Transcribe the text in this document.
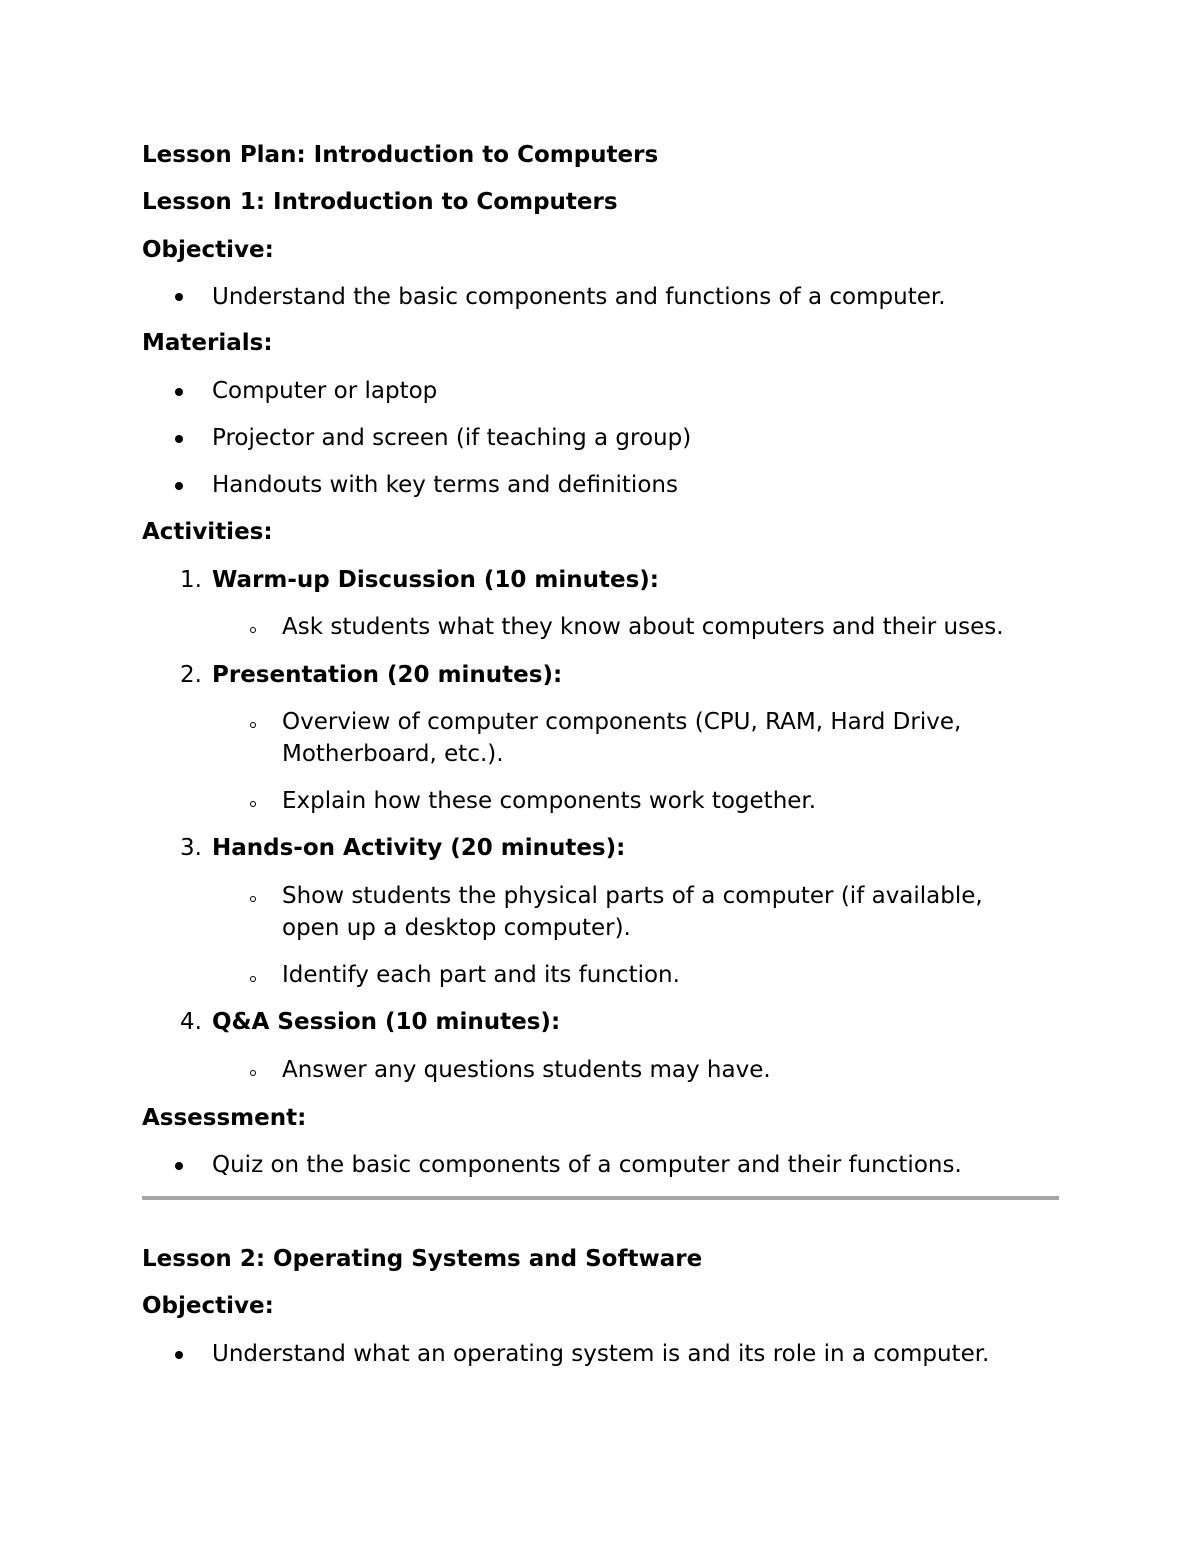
Lesson Plan: Introduction to Computers
Lesson 1: Introduction to Computers
Objective:
Understand the basic components and functions of a computer.
Materials:
Computer or laptop
Projector and screen (if teaching a group)
Handouts with key terms and definitions
Activities:
1. Warm-up Discussion (10 minutes):
Ask students what they know about computers and their uses.
2. Presentation (20 minutes):
Overview of computer components (CPU, RAM, Hard Drive,
Motherboard, etc.).
Explain how these components work together.
3. Hands-on Activity (20 minutes):
Show students the physical parts of a computer (if available,
open up a desktop computer).
Identify each part and its function.
4. Q&A Session (10 minutes):
Answer any questions students may have.
Assessment:
Quiz on the basic components of a computer and their functions.
Lesson 2: Operating Systems and Software
Objective:
Understand what an operating system is and its role in a computer.
